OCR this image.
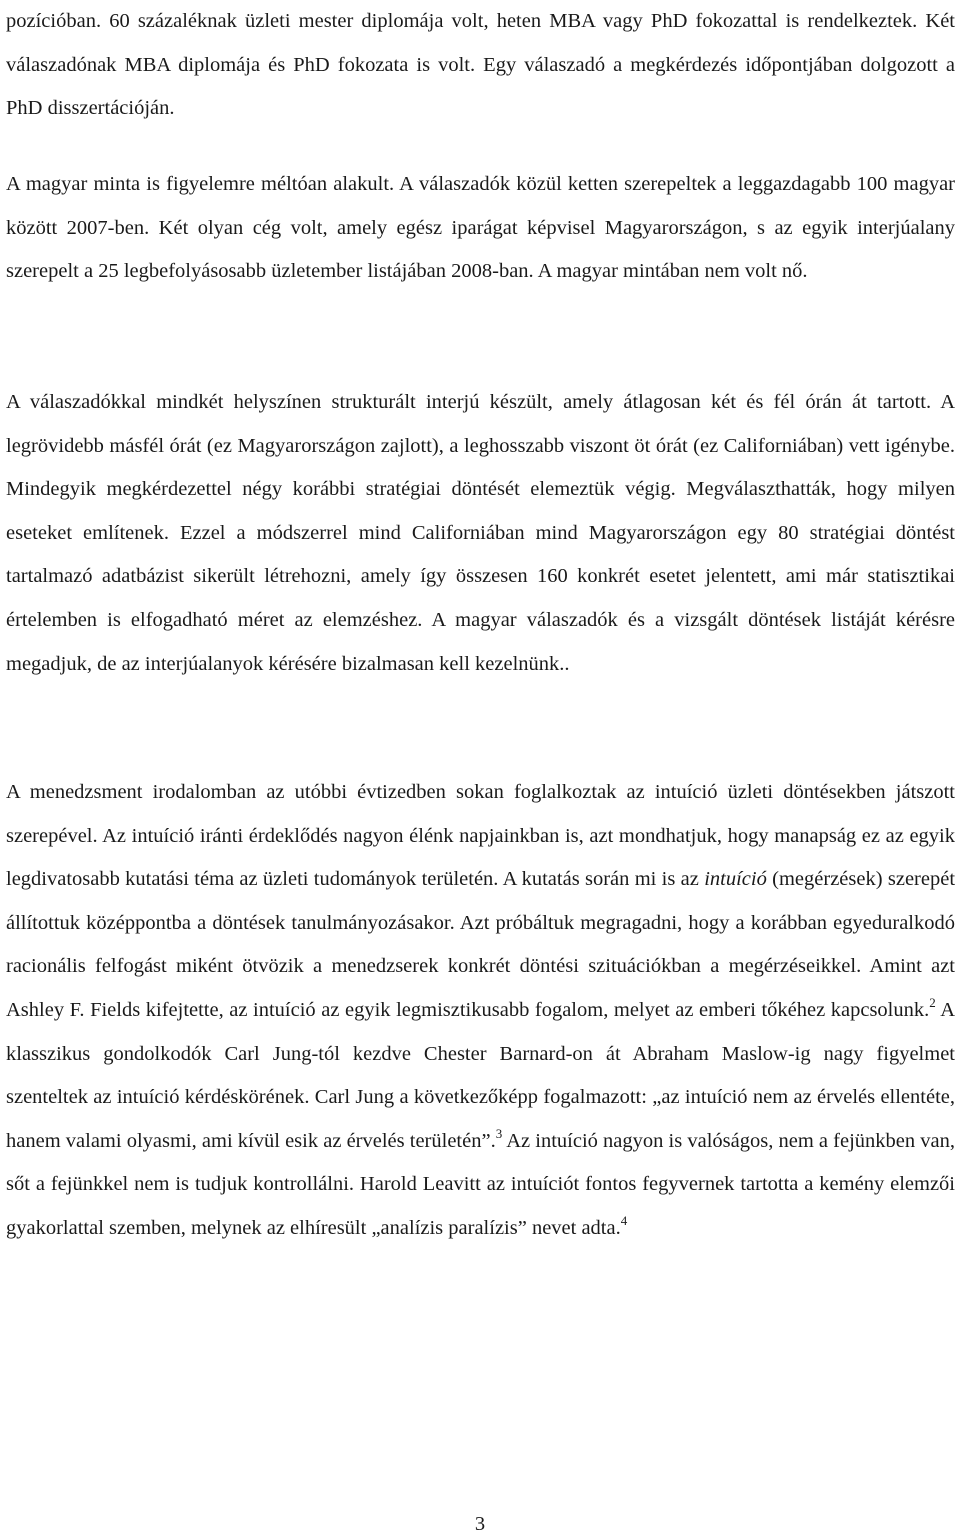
pozícióban. 60 százaléknak üzleti mester diplomája volt, heten MBA vagy PhD fokozattal is rendelkeztek. Két válaszadónak MBA diplomája és PhD fokozata is volt. Egy válaszadó a megkérdezés időpontjában dolgozott a PhD disszertációján.

A magyar minta is figyelemre méltóan alakult. A válaszadók közül ketten szerepeltek a leggazdagabb 100 magyar között 2007-ben. Két olyan cég volt, amely egész iparágat képvisel Magyarországon, s az egyik interjúalany szerepelt a 25 legbefolyásosabb üzletember listájában 2008-ban. A magyar mintában nem volt nő.

A válaszadókkal mindkét helyszínen strukturált interjú készült, amely átlagosan két és fél órán át tartott. A legrövidebb másfél órát (ez Magyarországon zajlott), a leghosszabb viszont öt órát (ez Californiában) vett igénybe. Mindegyik megkérdezettel négy korábbi stratégiai döntését elemeztük végig. Megválaszthatták, hogy milyen eseteket említenek. Ezzel a módszerrel mind Californiában mind Magyarországon egy 80 stratégiai döntést tartalmazó adatbázist sikerült létrehozni, amely így összesen 160 konkrét esetet jelentett, ami már statisztikai értelemben is elfogadható méret az elemzéshez. A magyar válaszadók és a vizsgált döntések listáját kérésre megadjuk, de az interjúalanyok kérésére bizalmasan kell kezelnünk..

A menedzsment irodalomban az utóbbi évtizedben sokan foglalkoztak az intuíció üzleti döntésekben játszott szerepével. Az intuíció iránti érdeklődés nagyon élénk napjainkban is, azt mondhatjuk, hogy manapság ez az egyik legdivatosabb kutatási téma az üzleti tudományok területén. A kutatás során mi is az intuíció (megérzések) szerepét állítottuk középpontba a döntések tanulmányozásakor. Azt próbáltuk megragadni, hogy a korábban egyeduralkodó racionális felfogást miként ötvözik a menedzserek konkrét döntési szituációkban a megérzéseikkel. Amint azt Ashley F. Fields kifejtette, az intuíció az egyik legmisztikusabb fogalom, melyet az emberi tőkéhez kapcsolunk.$^2$ A klasszikus gondolkodók Carl Jung-tól kezdve Chester Barnard-on át Abraham Maslow-ig nagy figyelmet szenteltek az intuíció kérdéskörének. Carl Jung a következőképp fogalmazott: „az intuíció nem az érvelés ellentéte, hanem valami olyasmi, ami kívül esik az érvelés területén”.$^3$ Az intuíció nagyon is valóságos, nem a fejünkben van, sőt a fejünkkel nem is tudjuk kontrollálni. Harold Leavitt az intuíciót fontos fegyvernek tartotta a kemény elemzői gyakorlattal szemben, melynek az elhíresült „analízis paralízis” nevet adta.$^4$

3
